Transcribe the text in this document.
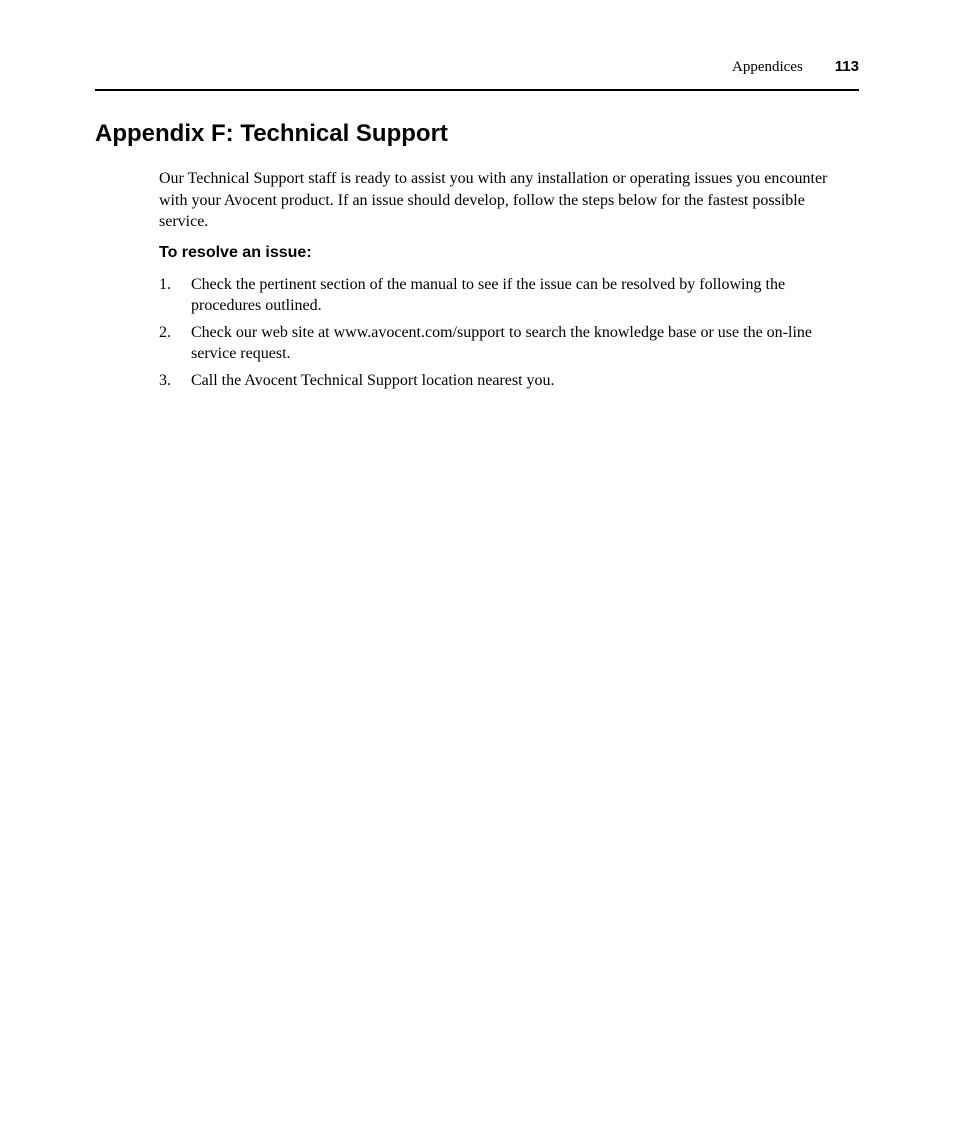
Appendices 113
Appendix F: Technical Support

Our Technical Support staff is ready to assist you with any installation or operating issues you encounter with your Avocent product. If an issue should develop, follow the steps below for the fastest possible service.

To resolve an issue:
1.	Check the pertinent section of the manual to see if the issue can be resolved by following the procedures outlined.
2.	Check our web site at www.avocent.com/support to search the knowledge base or use the on-line service request.
3.	Call the Avocent Technical Support location nearest you.
